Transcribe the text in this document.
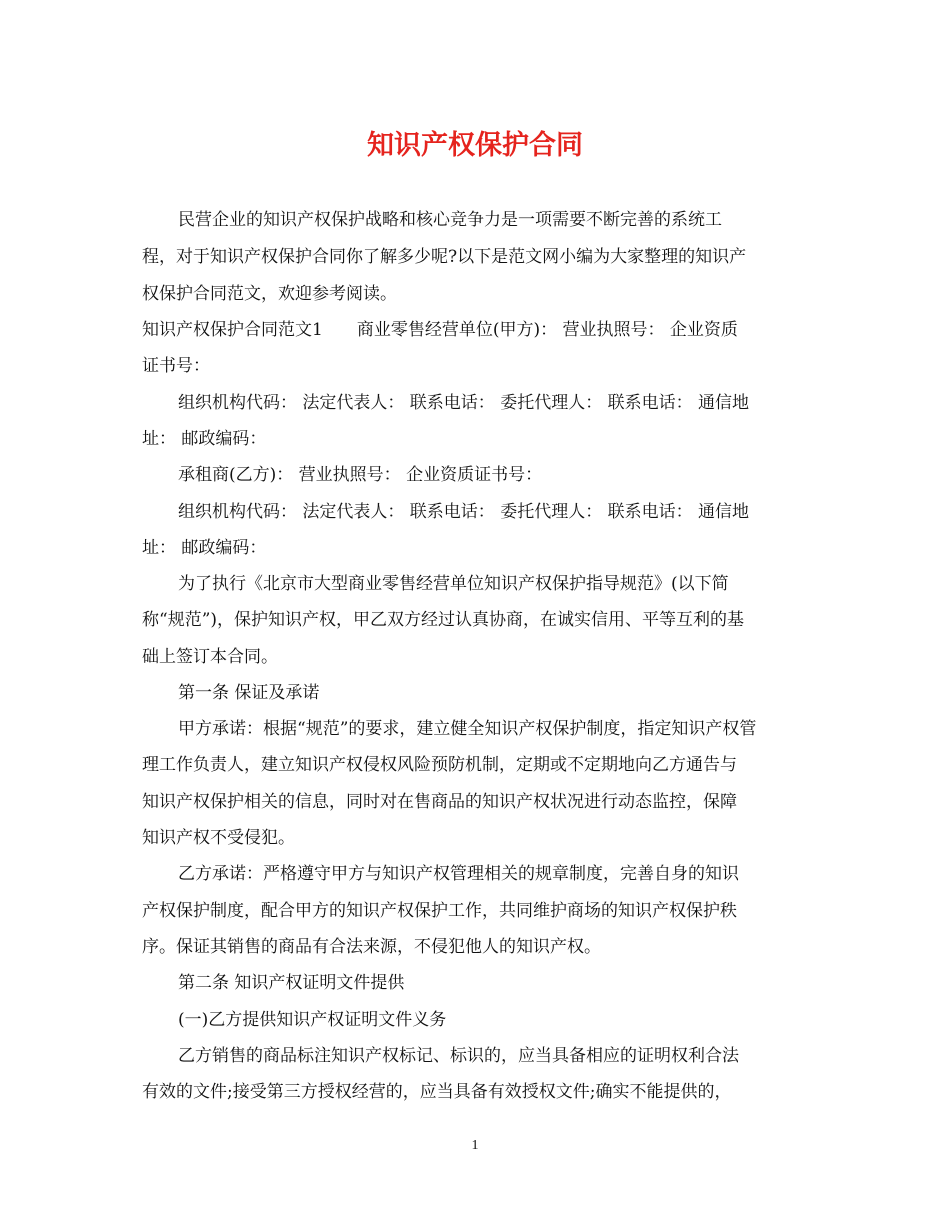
知识产权保护合同
民营企业的知识产权保护战略和核心竞争力是一项需要不断完善的系统工
程，对于知识产权保护合同你了解多少呢?以下是范文网小编为大家整理的知识产
权保护合同范文，欢迎参考阅读。
知识产权保护合同范文1　　商业零售经营单位(甲方)： 营业执照号： 企业资质
证书号：
组织机构代码： 法定代表人： 联系电话： 委托代理人： 联系电话： 通信地
址： 邮政编码：
承租商(乙方)： 营业执照号： 企业资质证书号：
组织机构代码： 法定代表人： 联系电话： 委托代理人： 联系电话： 通信地
址： 邮政编码：
为了执行《北京市大型商业零售经营单位知识产权保护指导规范》(以下简
称“规范”)，保护知识产权，甲乙双方经过认真协商，在诚实信用、平等互利的基
础上签订本合同。
第一条 保证及承诺
甲方承诺：根据“规范”的要求，建立健全知识产权保护制度，指定知识产权管
理工作负责人，建立知识产权侵权风险预防机制，定期或不定期地向乙方通告与
知识产权保护相关的信息，同时对在售商品的知识产权状况进行动态监控，保障
知识产权不受侵犯。
乙方承诺：严格遵守甲方与知识产权管理相关的规章制度，完善自身的知识
产权保护制度，配合甲方的知识产权保护工作，共同维护商场的知识产权保护秩
序。保证其销售的商品有合法来源，不侵犯他人的知识产权。
第二条 知识产权证明文件提供
(一)乙方提供知识产权证明文件义务
乙方销售的商品标注知识产权标记、标识的，应当具备相应的证明权利合法
有效的文件;接受第三方授权经营的，应当具备有效授权文件;确实不能提供的，
1
